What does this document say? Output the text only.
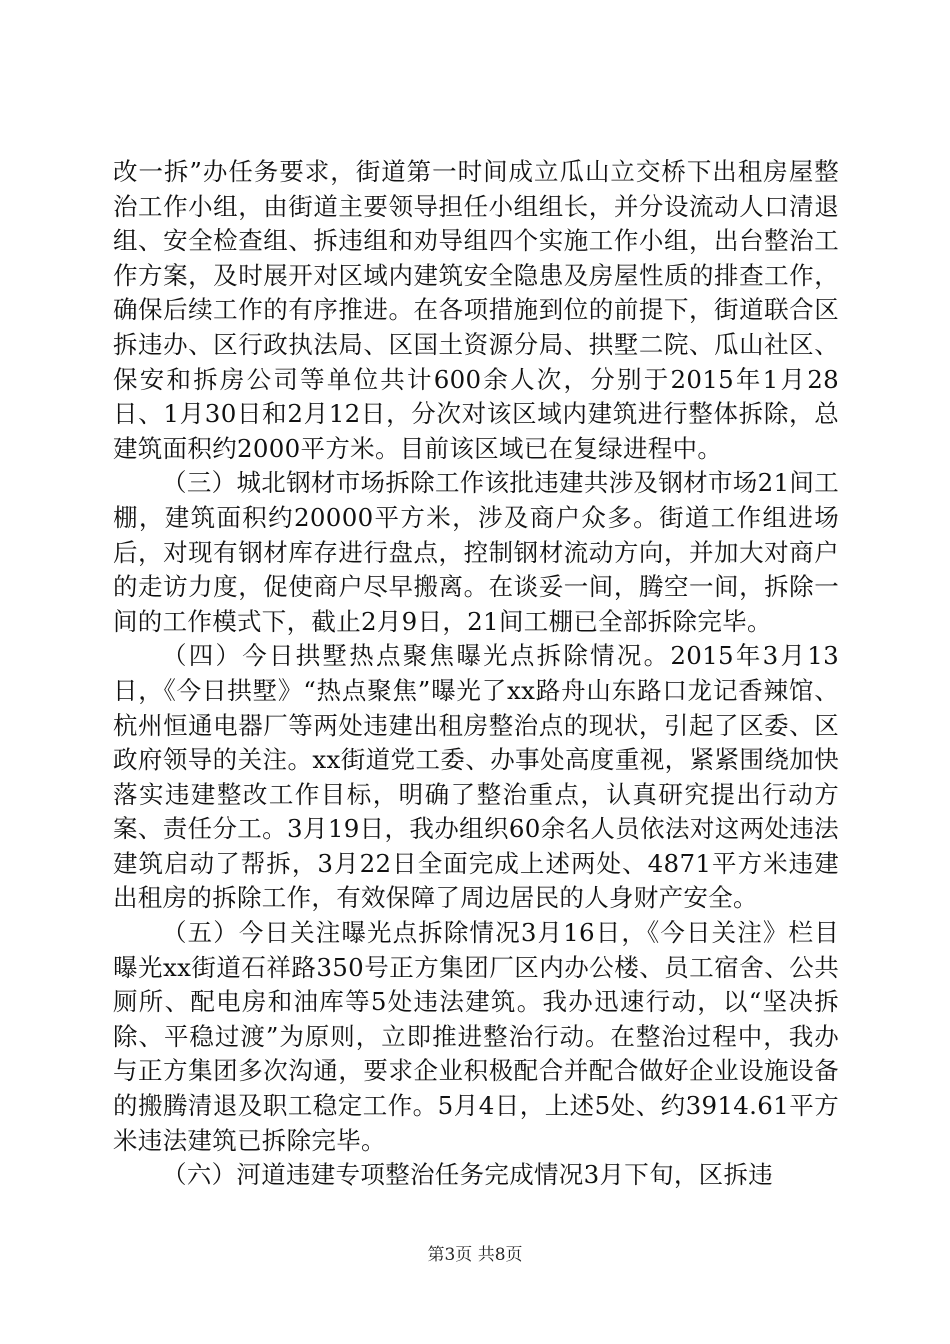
改一拆”办任务要求，街道第一时间成立瓜山立交桥下出租房屋整治工作小组，由街道主要领导担任小组组长，并分设流动人口清退组、安全检查组、拆违组和劝导组四个实施工作小组，出台整治工作方案，及时展开对区域内建筑安全隐患及房屋性质的排查工作，确保后续工作的有序推进。在各项措施到位的前提下，街道联合区拆违办、区行政执法局、区国土资源分局、拱墅二院、瓜山社区、保安和拆房公司等单位共计600余人次，分别于2015年1月28日、1月30日和2月12日，分次对该区域内建筑进行整体拆除，总建筑面积约2000平方米。目前该区域已在复绿进程中。

（三）城北钢材市场拆除工作该批违建共涉及钢材市场21间工棚，建筑面积约20000平方米，涉及商户众多。街道工作组进场后，对现有钢材库存进行盘点，控制钢材流动方向，并加大对商户的走访力度，促使商户尽早搬离。在谈妥一间，腾空一间，拆除一间的工作模式下，截止2月9日，21间工棚已全部拆除完毕。

（四）今日拱墅热点聚焦曝光点拆除情况。2015年3月13日，《今日拱墅》“热点聚焦”曝光了xx路舟山东路口龙记香辣馆、杭州恒通电器厂等两处违建出租房整治点的现状，引起了区委、区政府领导的关注。xx街道党工委、办事处高度重视，紧紧围绕加快落实违建整改工作目标，明确了整治重点，认真研究提出行动方案、责任分工。3月19日，我办组织60余名人员依法对这两处违法建筑启动了帮拆，3月22日全面完成上述两处、4871平方米违建出租房的拆除工作，有效保障了周边居民的人身财产安全。

（五）今日关注曝光点拆除情况3月16日，《今日关注》栏目曝光xx街道石祥路350号正方集团厂区内办公楼、员工宿舍、公共厕所、配电房和油库等5处违法建筑。我办迅速行动，以“坚决拆除、平稳过渡”为原则，立即推进整治行动。在整治过程中，我办与正方集团多次沟通，要求企业积极配合并配合做好企业设施设备的搬腾清退及职工稳定工作。5月4日，上述5处、约3914.61平方米违法建筑已拆除完毕。

（六）河道违建专项整治任务完成情况3月下旬，区拆违

第3页 共8页
